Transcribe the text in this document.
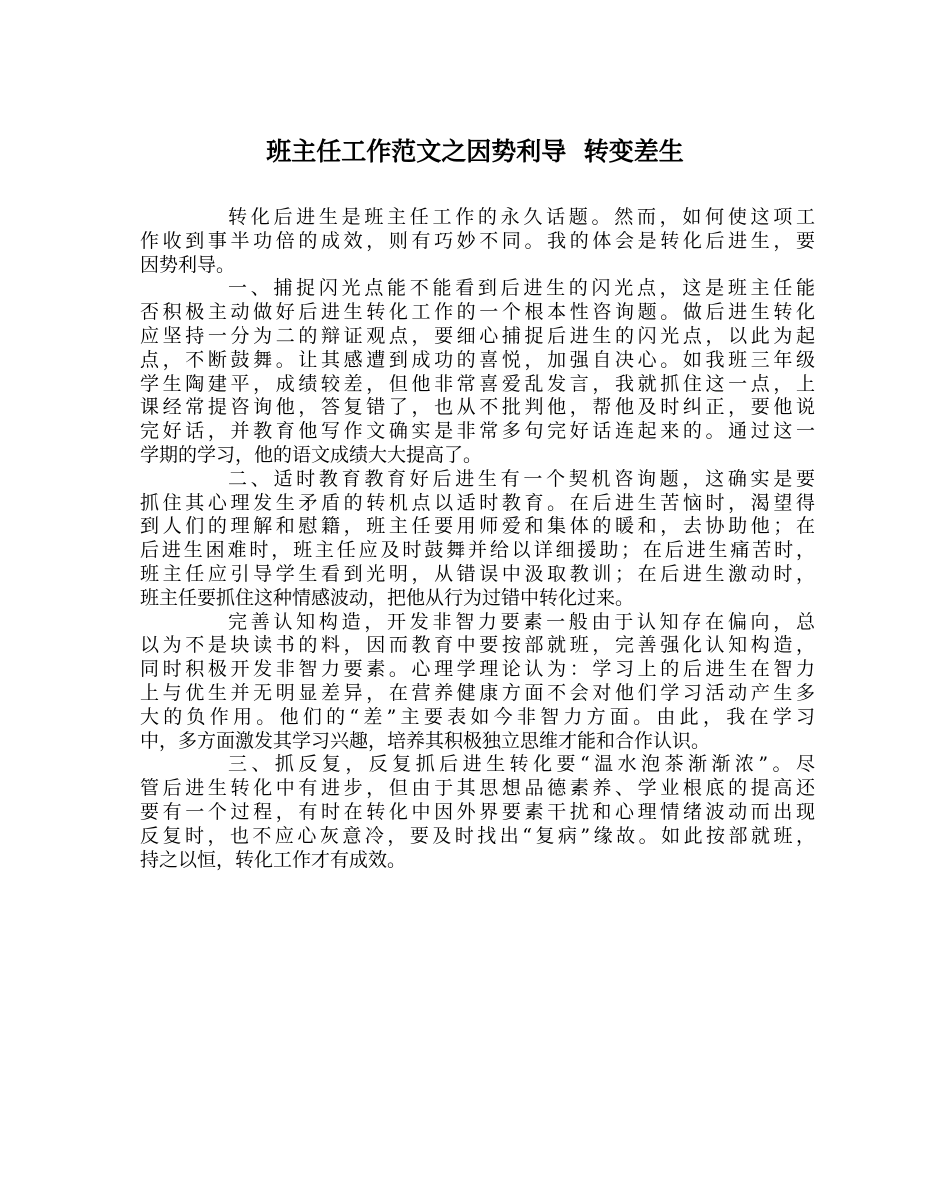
班主任工作范文之因势利导  转变差生

转化后进生是班主任工作的永久话题。然而，如何使这项工
作收到事半功倍的成效，则有巧妙不同。我的体会是转化后进生，要
因势利导。

一、捕捉闪光点能不能看到后进生的闪光点，这是班主任能
否积极主动做好后进生转化工作的一个根本性咨询题。做后进生转化
应坚持一分为二的辩证观点，要细心捕捉后进生的闪光点，以此为起
点，不断鼓舞。让其感遭到成功的喜悦，加强自决心。如我班三年级
学生陶建平，成绩较差，但他非常喜爱乱发言，我就抓住这一点，上
课经常提咨询他，答复错了，也从不批判他，帮他及时纠正，要他说
完好话，并教育他写作文确实是非常多句完好话连起来的。通过这一
学期的学习，他的语文成绩大大提高了。

二、适时教育教育好后进生有一个契机咨询题，这确实是要
抓住其心理发生矛盾的转机点以适时教育。在后进生苦恼时，渴望得
到人们的理解和慰籍，班主任要用师爱和集体的暖和，去协助他；在
后进生困难时，班主任应及时鼓舞并给以详细援助；在后进生痛苦时，
班主任应引导学生看到光明，从错误中汲取教训；在后进生激动时，
班主任要抓住这种情感波动，把他从行为过错中转化过来。

完善认知构造，开发非智力要素一般由于认知存在偏向，总
以为不是块读书的料，因而教育中要按部就班，完善强化认知构造，
同时积极开发非智力要素。心理学理论认为：学习上的后进生在智力
上与优生并无明显差异，在营养健康方面不会对他们学习活动产生多
大的负作用。他们的“差”主要表如今非智力方面。由此，我在学习
中，多方面激发其学习兴趣，培养其积极独立思维才能和合作认识。

三、抓反复，反复抓后进生转化要“温水泡茶渐渐浓”。尽
管后进生转化中有进步，但由于其思想品德素养、学业根底的提高还
要有一个过程，有时在转化中因外界要素干扰和心理情绪波动而出现
反复时，也不应心灰意冷，要及时找出“复病”缘故。如此按部就班，
持之以恒，转化工作才有成效。
